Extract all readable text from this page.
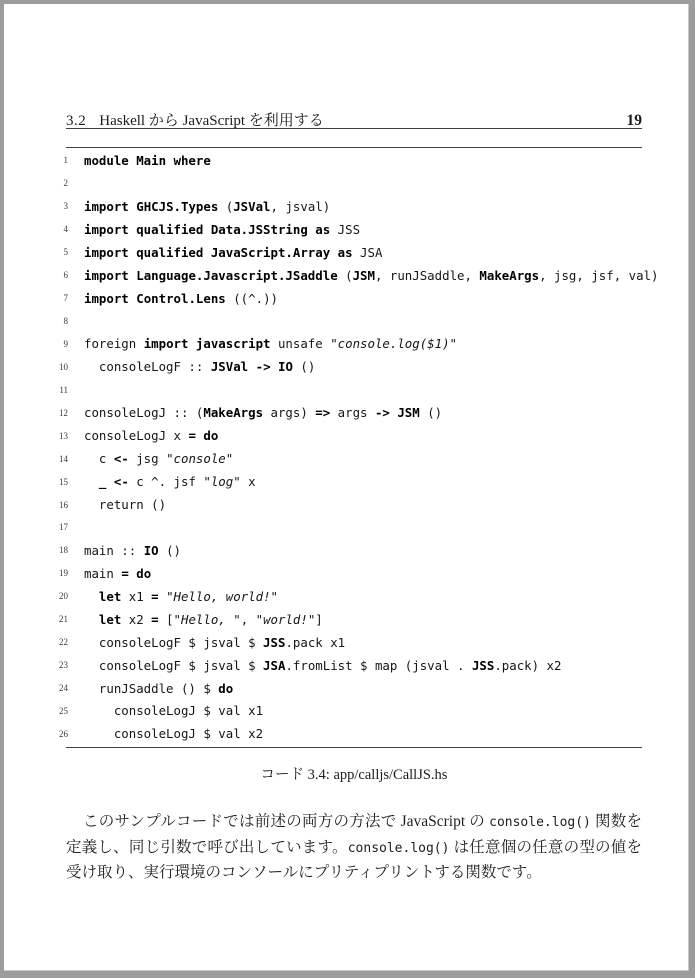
3.2 Haskell から JavaScript を利用する	19
1 module Main where
2
3 import GHCJS.Types (JSVal, jsval)
4 import qualified Data.JSString as JSS
5 import qualified JavaScript.Array as JSA
6 import Language.Javascript.JSaddle (JSM, runJSaddle, MakeArgs, jsg, jsf, val)
7 import Control.Lens ((^.))
8
9 foreign import javascript unsafe "console.log($1)"
10 consoleLogF :: JSVal -> IO ()
11
12 consoleLogJ :: (MakeArgs args) => args -> JSM ()
13 consoleLogJ x = do
14 c <- jsg "console"
15	_ <- c ^. jsf "log" x
16 return ()
17
18 main :: IO ()
19 main = do
20	let x1 = "Hello, world!"
21	let x2 = ["Hello, ", "world!"]
22 consoleLogF $ jsval $ JSS.pack x1
23 consoleLogF $ jsval $ JSA.fromList $ map (jsval . JSS.pack) x2
24 runJSaddle () $ do
25 consoleLogJ $ val x1
26 consoleLogJ $ val x2
コード 3.4: app/calljs/CallJS.hs

このサンプルコードでは前述の両方の方法で JavaScript の console.log() 関数を定義し、同じ引数で呼び出しています。console.log() は任意個の任意の型の値を受け取り、実行環境のコンソールにプリティプリントする関数です。
